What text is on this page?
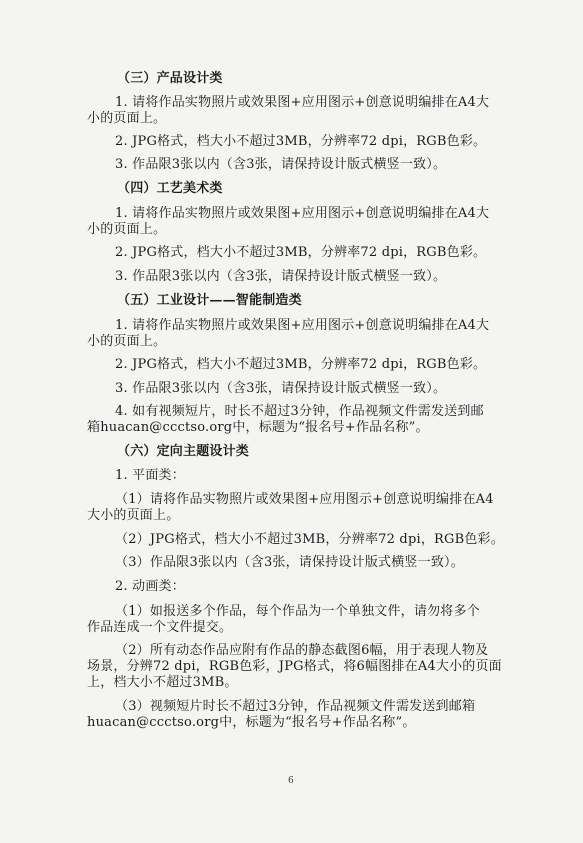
（三）产品设计类
1. 请将作品实物照片或效果图+应用图示+创意说明编排在A4大
小的页面上。
2. JPG格式，档大小不超过3MB，分辨率72 dpi，RGB色彩。
3. 作品限3张以内（含3张，请保持设计版式横竖一致）。
（四）工艺美术类
1. 请将作品实物照片或效果图+应用图示+创意说明编排在A4大
小的页面上。
2. JPG格式，档大小不超过3MB，分辨率72 dpi，RGB色彩。
3. 作品限3张以内（含3张，请保持设计版式横竖一致）。
（五）工业设计——智能制造类
1. 请将作品实物照片或效果图+应用图示+创意说明编排在A4大
小的页面上。
2. JPG格式，档大小不超过3MB，分辨率72 dpi，RGB色彩。
3. 作品限3张以内（含3张，请保持设计版式横竖一致）。
4. 如有视频短片，时长不超过3分钟，作品视频文件需发送到邮
箱huacan@ccctso.org中，标题为“报名号+作品名称”。
（六）定向主题设计类
1. 平面类：
（1）请将作品实物照片或效果图+应用图示+创意说明编排在A4
大小的页面上。
（2）JPG格式，档大小不超过3MB，分辨率72 dpi，RGB色彩。
（3）作品限3张以内（含3张，请保持设计版式横竖一致）。
2. 动画类：
（1）如报送多个作品，每个作品为一个单独文件，请勿将多个
作品连成一个文件提交。
（2）所有动态作品应附有作品的静态截图6幅，用于表现人物及
场景，分辨72 dpi，RGB色彩，JPG格式，将6幅图排在A4大小的页面
上，档大小不超过3MB。
（3）视频短片时长不超过3分钟，作品视频文件需发送到邮箱
huacan@ccctso.org中，标题为“报名号+作品名称”。
6
